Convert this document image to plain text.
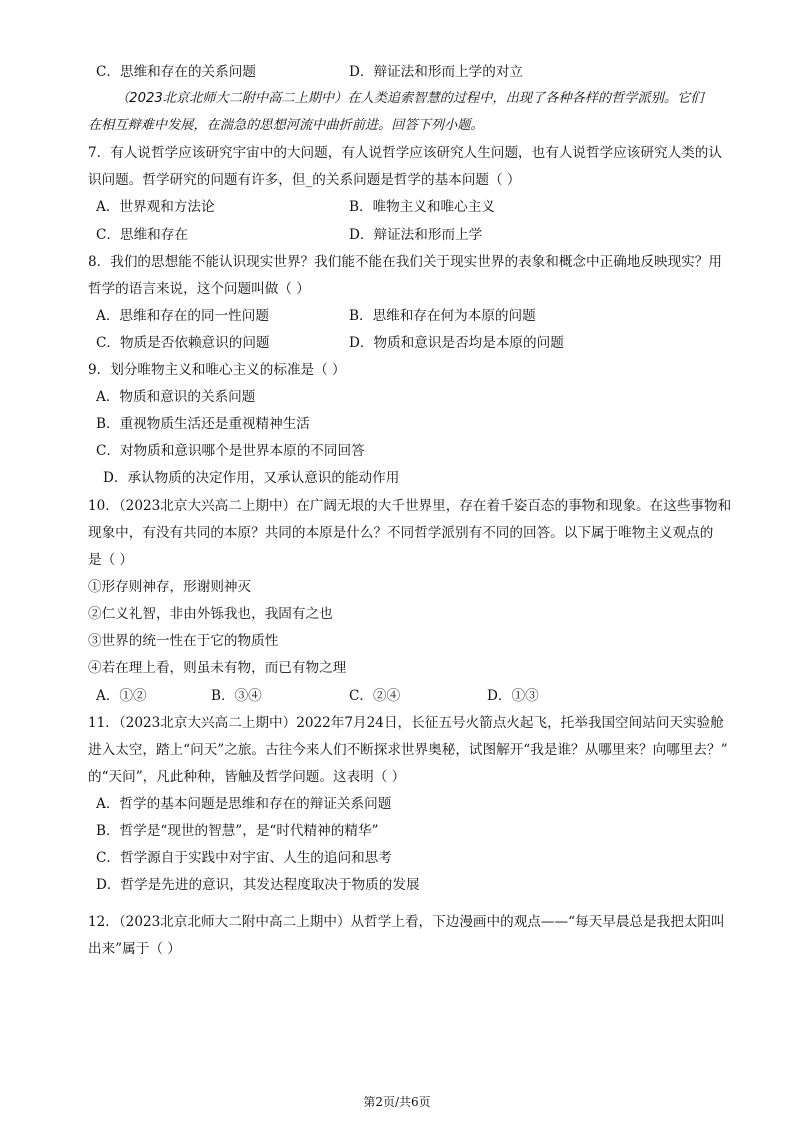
C．思维和存在的关系问题	D．辩证法和形而上学的对立
（2023北京北师大二附中高二上期中）在人类追索智慧的过程中，出现了各种各样的哲学派别。它们
在相互辩难中发展，在湍急的思想河流中曲折前进。回答下列小题。
7．有人说哲学应该研究宇宙中的大问题，有人说哲学应该研究人生问题，也有人说哲学应该研究人类的认
识问题。哲学研究的问题有许多，但_的关系问题是哲学的基本问题（ ）
A．世界观和方法论	B．唯物主义和唯心主义
C．思维和存在	D．辩证法和形而上学
8．我们的思想能不能认识现实世界？我们能不能在我们关于现实世界的表象和概念中正确地反映现实？用
哲学的语言来说，这个问题叫做（ ）
A．思维和存在的同一性问题	B．思维和存在何为本原的问题
C．物质是否依赖意识的问题	D．物质和意识是否均是本原的问题
9．划分唯物主义和唯心主义的标准是（ ）
A．物质和意识的关系问题
B．重视物质生活还是重视精神生活
C．对物质和意识哪个是世界本原的不同回答
D．承认物质的决定作用，又承认意识的能动作用
10．（2023北京大兴高二上期中）在广阔无垠的大千世界里，存在着千姿百态的事物和现象。在这些事物和
现象中，有没有共同的本原？共同的本原是什么？不同哲学派别有不同的回答。以下属于唯物主义观点的
是（ ）
①形存则神存，形谢则神灭
②仁义礼智，非由外铄我也，我固有之也
③世界的统一性在于它的物质性
④若在理上看，则虽未有物，而已有物之理
A．①②	B．③④	C．②④	D．①③
11．（2023北京大兴高二上期中）2022年7月24日，长征五号火箭点火起飞，托举我国空间站问天实验舱
进入太空，踏上“问天”之旅。古往今来人们不断探求世界奥秘，试图解开“我是谁？从哪里来？向哪里去？”
的“天问”，凡此种种，皆触及哲学问题。这表明（ ）
A．哲学的基本问题是思维和存在的辩证关系问题
B．哲学是“现世的智慧”，是“时代精神的精华”
C．哲学源自于实践中对宇宙、人生的追问和思考
D．哲学是先进的意识，其发达程度取决于物质的发展
12．（2023北京北师大二附中高二上期中）从哲学上看，下边漫画中的观点——“每天早晨总是我把太阳叫
出来”属于（ ）
第2页/共6页
